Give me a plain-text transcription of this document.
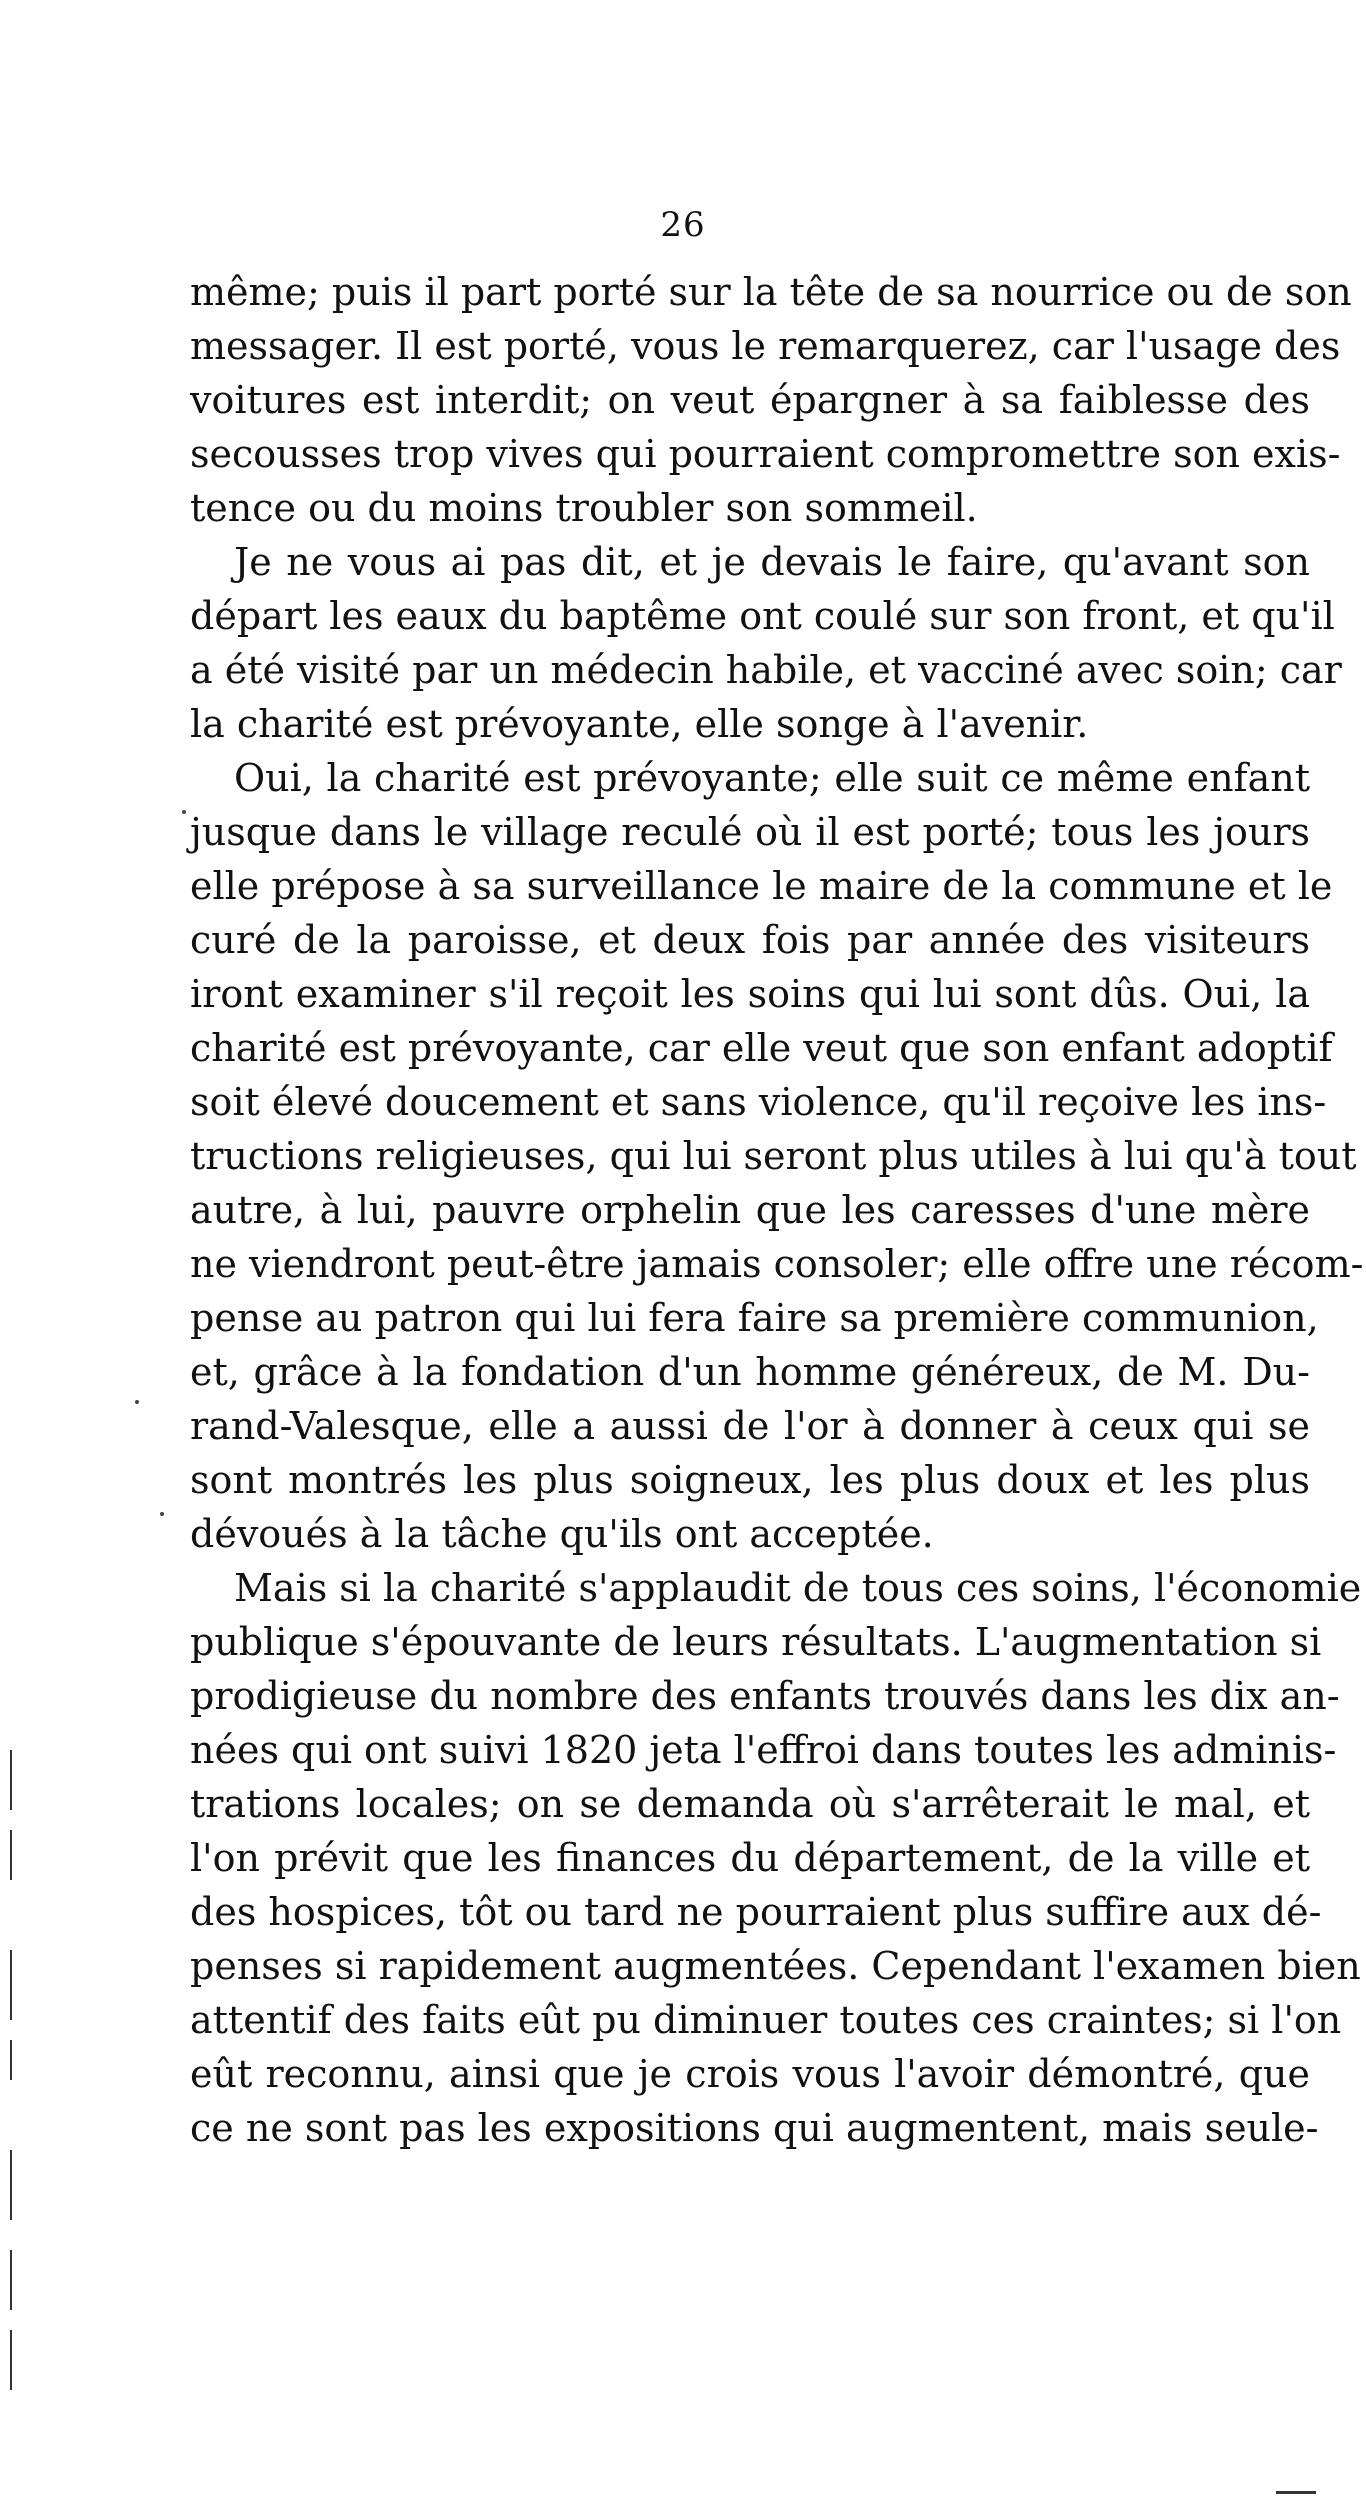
26
même; puis il part porté sur la tête de sa nourrice ou de son
messager. Il est porté, vous le remarquerez, car l'usage des
voitures est interdit; on veut épargner à sa faiblesse des
secousses trop vives qui pourraient compromettre son exis-
tence ou du moins troubler son sommeil.
Je ne vous ai pas dit, et je devais le faire, qu'avant son
départ les eaux du baptême ont coulé sur son front, et qu'il
a été visité par un médecin habile, et vacciné avec soin; car
la charité est prévoyante, elle songe à l'avenir.
Oui, la charité est prévoyante; elle suit ce même enfant
jusque dans le village reculé où il est porté; tous les jours
elle prépose à sa surveillance le maire de la commune et le
curé de la paroisse, et deux fois par année des visiteurs
iront examiner s'il reçoit les soins qui lui sont dûs. Oui, la
charité est prévoyante, car elle veut que son enfant adoptif
soit élevé doucement et sans violence, qu'il reçoive les ins-
tructions religieuses, qui lui seront plus utiles à lui qu'à tout
autre, à lui, pauvre orphelin que les caresses d'une mère
ne viendront peut-être jamais consoler; elle offre une récom-
pense au patron qui lui fera faire sa première communion,
et, grâce à la fondation d'un homme généreux, de M. Du-
rand-Valesque, elle a aussi de l'or à donner à ceux qui se
sont montrés les plus soigneux, les plus doux et les plus
dévoués à la tâche qu'ils ont acceptée.
Mais si la charité s'applaudit de tous ces soins, l'économie
publique s'épouvante de leurs résultats. L'augmentation si
prodigieuse du nombre des enfants trouvés dans les dix an-
nées qui ont suivi 1820 jeta l'effroi dans toutes les adminis-
trations locales; on se demanda où s'arrêterait le mal, et
l'on prévit que les finances du département, de la ville et
des hospices, tôt ou tard ne pourraient plus suffire aux dé-
penses si rapidement augmentées. Cependant l'examen bien
attentif des faits eût pu diminuer toutes ces craintes; si l'on
eût reconnu, ainsi que je crois vous l'avoir démontré, que
ce ne sont pas les expositions qui augmentent, mais seule-
